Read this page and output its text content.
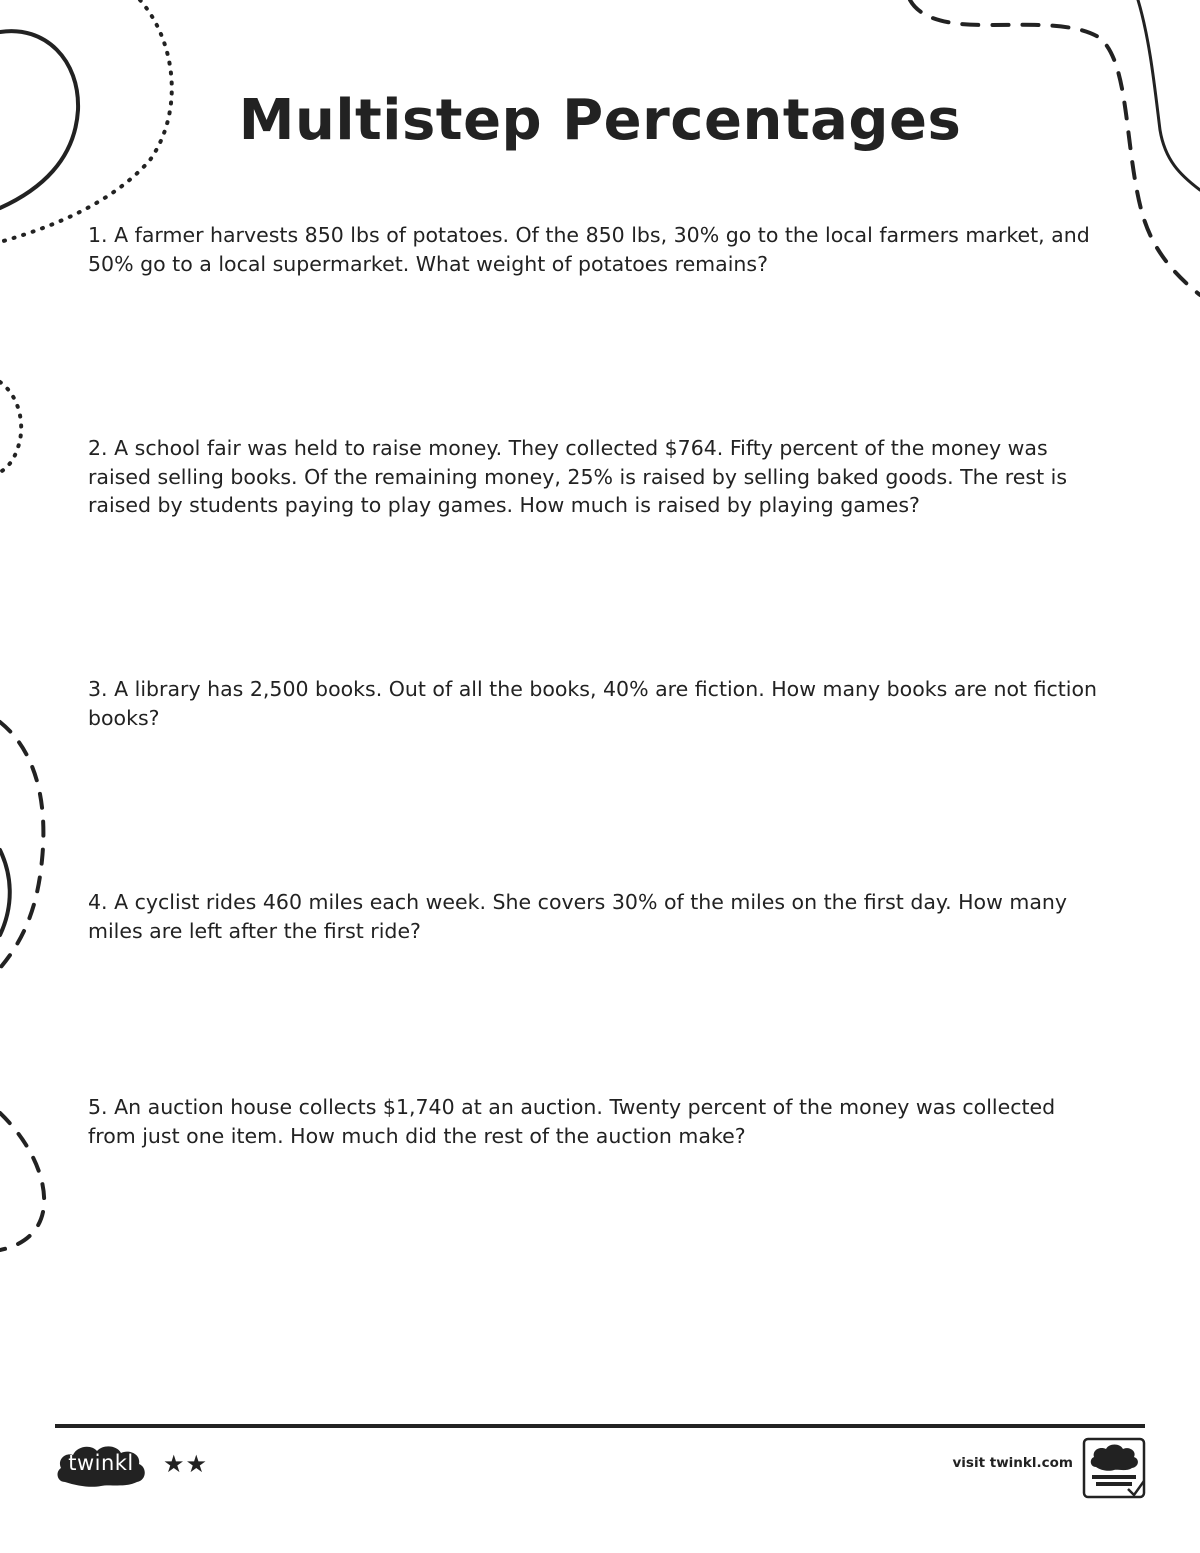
Multistep Percentages

1. A farmer harvests 850 lbs of potatoes. Of the 850 lbs, 30% go to the local farmers market, and 50% go to a local supermarket. What weight of potatoes remains?

2. A school fair was held to raise money. They collected $764. Fifty percent of the money was raised selling books. Of the remaining money, 25% is raised by selling baked goods. The rest is raised by students paying to play games. How much is raised by playing games?

3. A library has 2,500 books. Out of all the books, 40% are fiction. How many books are not fiction books?

4. A cyclist rides 460 miles each week. She covers 30% of the miles on the first day. How many miles are left after the first ride?

5. An auction house collects $1,740 at an auction. Twenty percent of the money was collected from just one item. How much did the rest of the auction make?

twinkl	★★	visit twinkl.com
